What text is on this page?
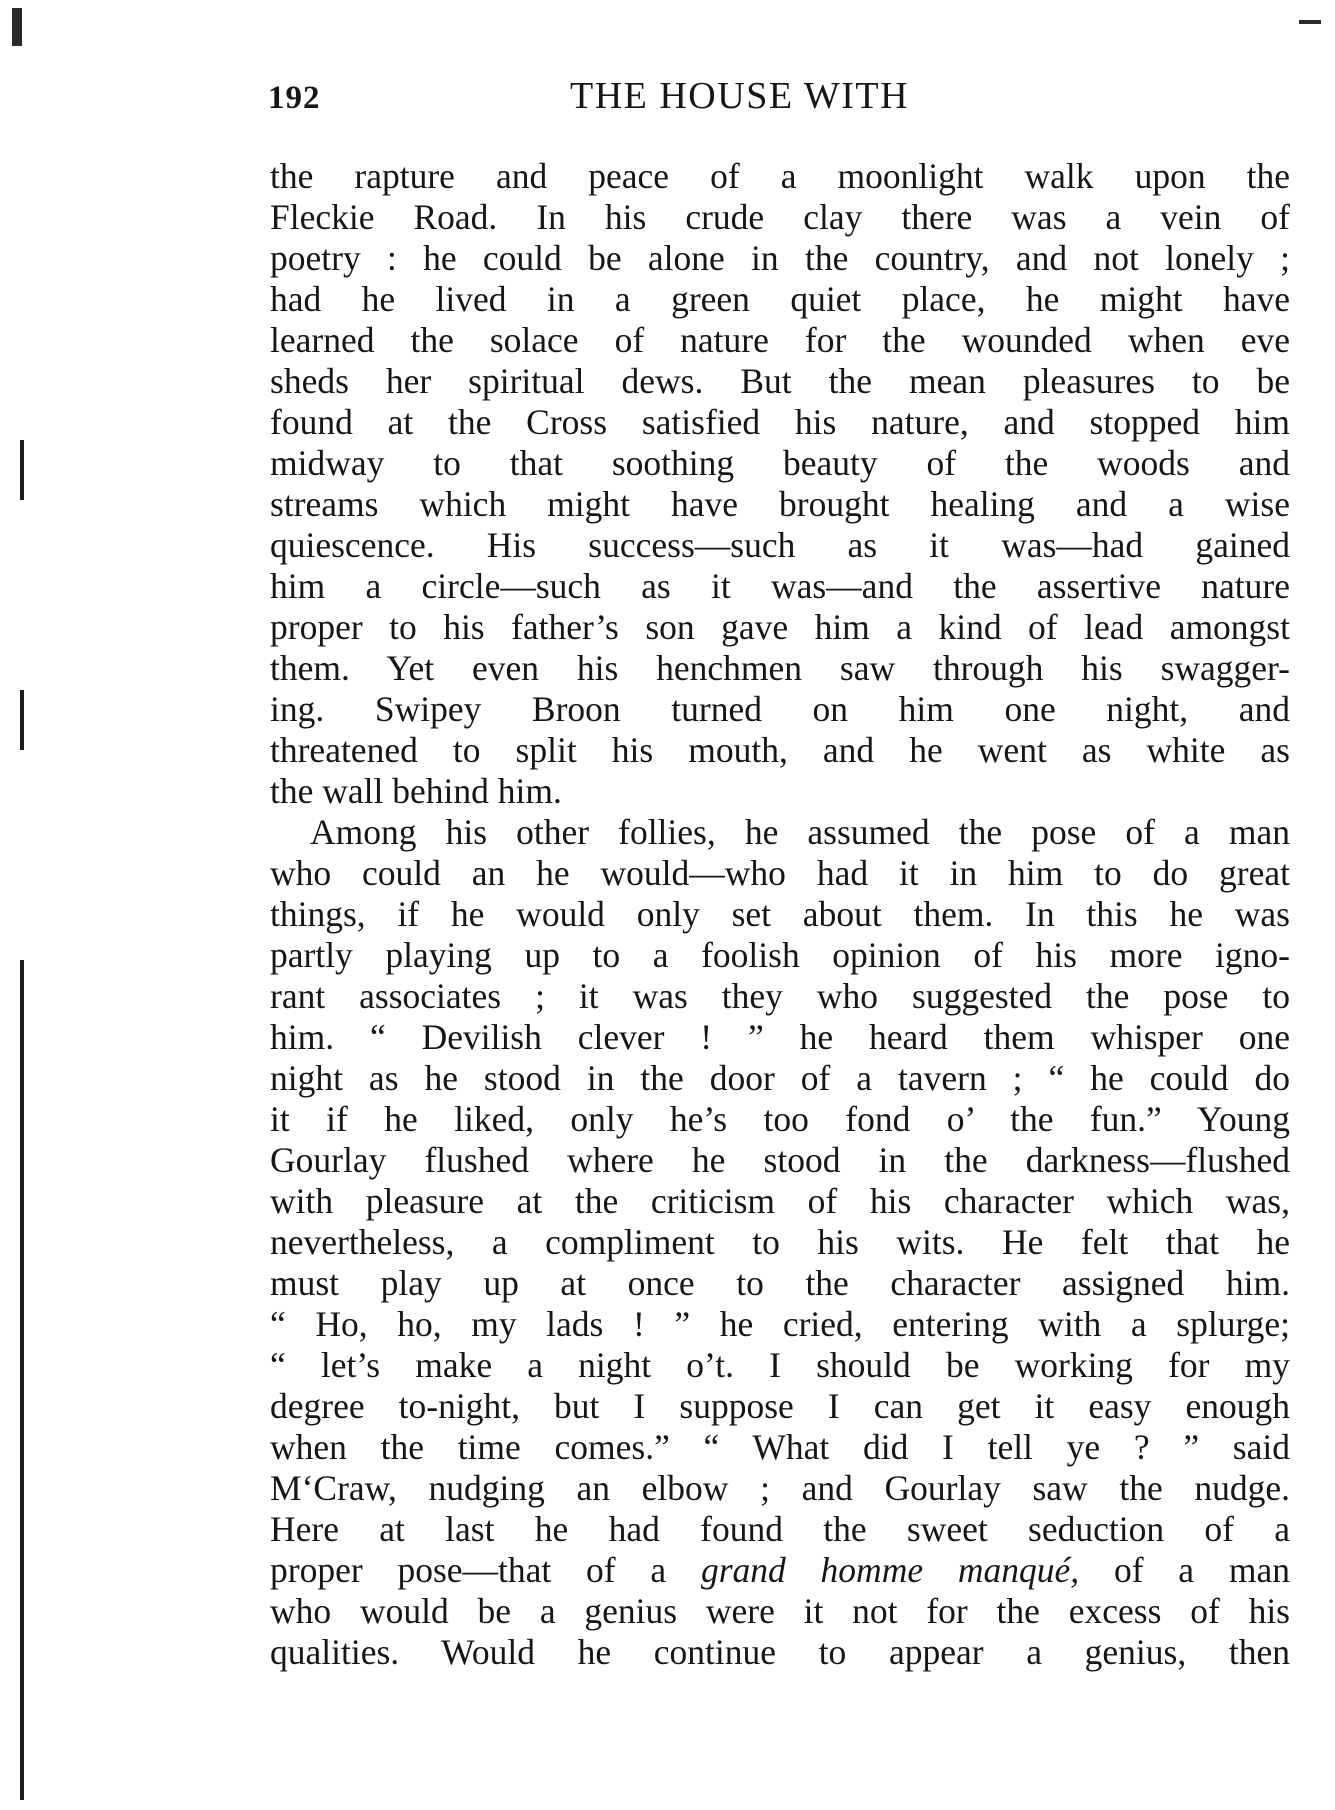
192	THE HOUSE WITH
the rapture and peace of a moonlight walk upon the
Fleckie Road. In his crude clay there was a vein of
poetry : he could be alone in the country, and not lonely ;
had he lived in a green quiet place, he might have
learned the solace of nature for the wounded when eve
sheds her spiritual dews. But the mean pleasures to be
found at the Cross satisfied his nature, and stopped him
midway to that soothing beauty of the woods and
streams which might have brought healing and a wise
quiescence. His success—such as it was—had gained
him a circle—such as it was—and the assertive nature
proper to his father’s son gave him a kind of lead amongst
them. Yet even his henchmen saw through his swagger-
ing. Swipey Broon turned on him one night, and
threatened to split his mouth, and he went as white as
the wall behind him.
Among his other follies, he assumed the pose of a man
who could an he would—who had it in him to do great
things, if he would only set about them. In this he was
partly playing up to a foolish opinion of his more igno-
rant associates ; it was they who suggested the pose to
him. “ Devilish clever ! ” he heard them whisper one
night as he stood in the door of a tavern ; “ he could do
it if he liked, only he’s too fond o’ the fun.” Young
Gourlay flushed where he stood in the darkness—flushed
with pleasure at the criticism of his character which was,
nevertheless, a compliment to his wits. He felt that he
must play up at once to the character assigned him.
“ Ho, ho, my lads ! ” he cried, entering with a splurge;
“ let’s make a night o’t. I should be working for my
degree to-night, but I suppose I can get it easy enough
when the time comes.” “ What did I tell ye ? ” said
M‘Craw, nudging an elbow ; and Gourlay saw the nudge.
Here at last he had found the sweet seduction of a
proper pose—that of a grand homme manqué, of a man
who would be a genius were it not for the excess of his
qualities. Would he continue to appear a genius, then
